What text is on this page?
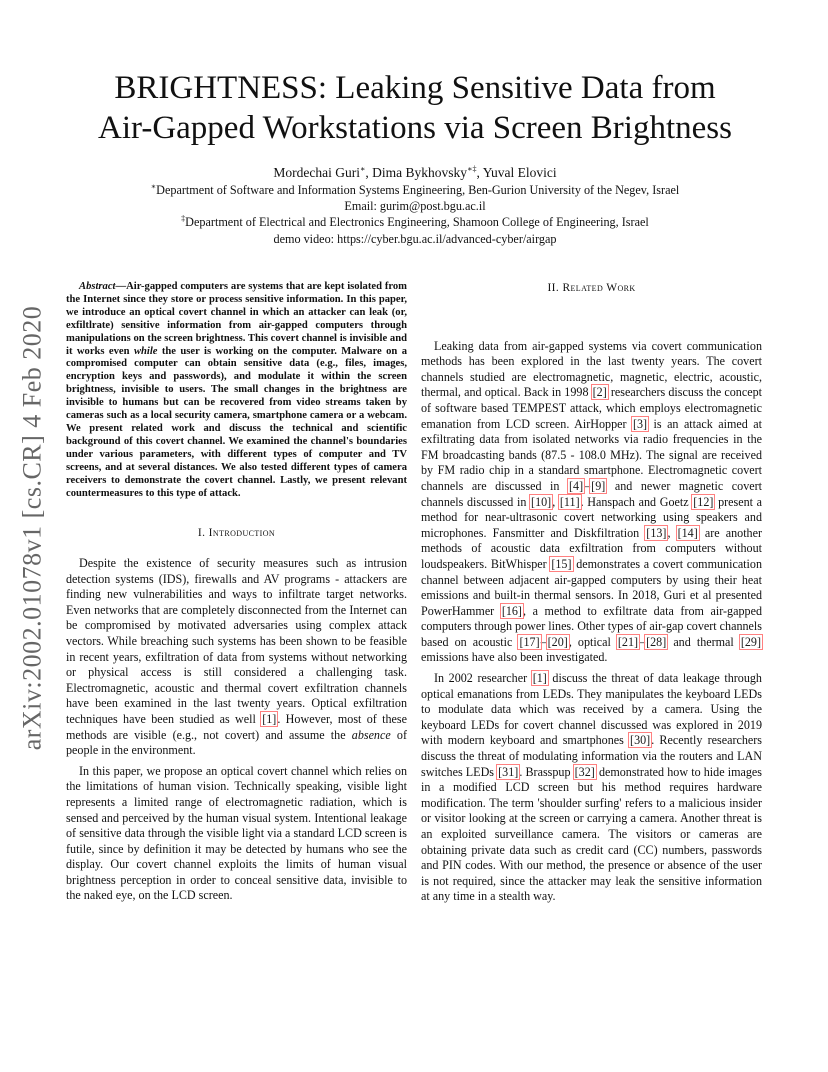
arXiv:2002.01078v1 [cs.CR] 4 Feb 2020
BRIGHTNESS: Leaking Sensitive Data from
Air-Gapped Workstations via Screen Brightness
Mordechai Guri∗, Dima Bykhovsky∗‡, Yuval Elovici
∗Department of Software and Information Systems Engineering, Ben-Gurion University of the Negev, Israel
Email: gurim@post.bgu.ac.il
‡Department of Electrical and Electronics Engineering, Shamoon College of Engineering, Israel
demo video: https://cyber.bgu.ac.il/advanced-cyber/airgap

Abstract—Air-gapped computers are systems that are kept isolated from the Internet since they store or process sensitive information. In this paper, we introduce an optical covert channel in which an attacker can leak (or, exfiltlrate) sensitive information from air-gapped computers through manipulations on the screen brightness. This covert channel is invisible and it works even while the user is working on the computer. Malware on a compromised computer can obtain sensitive data (e.g., files, images, encryption keys and passwords), and modulate it within the screen brightness, invisible to users. The small changes in the brightness are invisible to humans but can be recovered from video streams taken by cameras such as a local security camera, smartphone camera or a webcam. We present related work and discuss the technical and scientific background of this covert channel. We examined the channel's boundaries under various parameters, with different types of computer and TV screens, and at several distances. We also tested different types of camera receivers to demonstrate the covert channel. Lastly, we present relevant countermeasures to this type of attack.

I. Introduction

Despite the existence of security measures such as intrusion detection systems (IDS), firewalls and AV programs - attackers are finding new vulnerabilities and ways to infiltrate target networks. Even networks that are completely disconnected from the Internet can be compromised by motivated adversaries using complex attack vectors. While breaching such systems has been shown to be feasible in recent years, exfiltration of data from systems without networking or physical access is still considered a challenging task. Electromagnetic, acoustic and thermal covert exfiltration channels have been examined in the last twenty years. Optical exfiltration techniques have been studied as well [1]. However, most of these methods are visible (e.g., not covert) and assume the absence of people in the environment.

In this paper, we propose an optical covert channel which relies on the limitations of human vision. Technically speaking, visible light represents a limited range of electromagnetic radiation, which is sensed and perceived by the human visual system. Intentional leakage of sensitive data through the visible light via a standard LCD screen is futile, since by definition it may be detected by humans who see the display. Our covert channel exploits the limits of human visual brightness perception in order to conceal sensitive data, invisible to the naked eye, on the LCD screen.

II. Related Work

Leaking data from air-gapped systems via covert communication methods has been explored in the last twenty years. The covert channels studied are electromagnetic, magnetic, electric, acoustic, thermal, and optical. Back in 1998 [2] researchers discuss the concept of software based TEMPEST attack, which employs electromagnetic emanation from LCD screen. AirHopper [3] is an attack aimed at exfiltrating data from isolated networks via radio frequencies in the FM broadcasting bands (87.5 - 108.0 MHz). The signal are received by FM radio chip in a standard smartphone. Electromagnetic covert channels are discussed in [4]–[9] and newer magnetic covert channels discussed in [10], [11]. Hanspach and Goetz [12] present a method for near-ultrasonic covert networking using speakers and microphones. Fansmitter and Diskfiltration [13], [14] are another methods of acoustic data exfiltration from computers without loudspeakers. BitWhisper [15] demonstrates a covert communication channel between adjacent air-gapped computers by using their heat emissions and built-in thermal sensors. In 2018, Guri et al presented PowerHammer [16], a method to exfiltrate data from air-gapped computers through power lines. Other types of air-gap covert channels based on acoustic [17]–[20], optical [21]–[28] and thermal [29] emissions have also been investigated.

In 2002 researcher [1] discuss the threat of data leakage through optical emanations from LEDs. They manipulates the keyboard LEDs to modulate data which was received by a camera. Using the keyboard LEDs for covert channel discussed was explored in 2019 with modern keyboard and smartphones [30]. Recently researchers discuss the threat of modulating information via the routers and LAN switches LEDs [31]. Brasspup [32] demonstrated how to hide images in a modified LCD screen but his method requires hardware modification. The term 'shoulder surfing' refers to a malicious insider or visitor looking at the screen or carrying a camera. Another threat is an exploited surveillance camera. The visitors or cameras are obtaining private data such as credit card (CC) numbers, passwords and PIN codes. With our method, the presence or absence of the user is not required, since the attacker may leak the sensitive information at any time in a stealth way.
